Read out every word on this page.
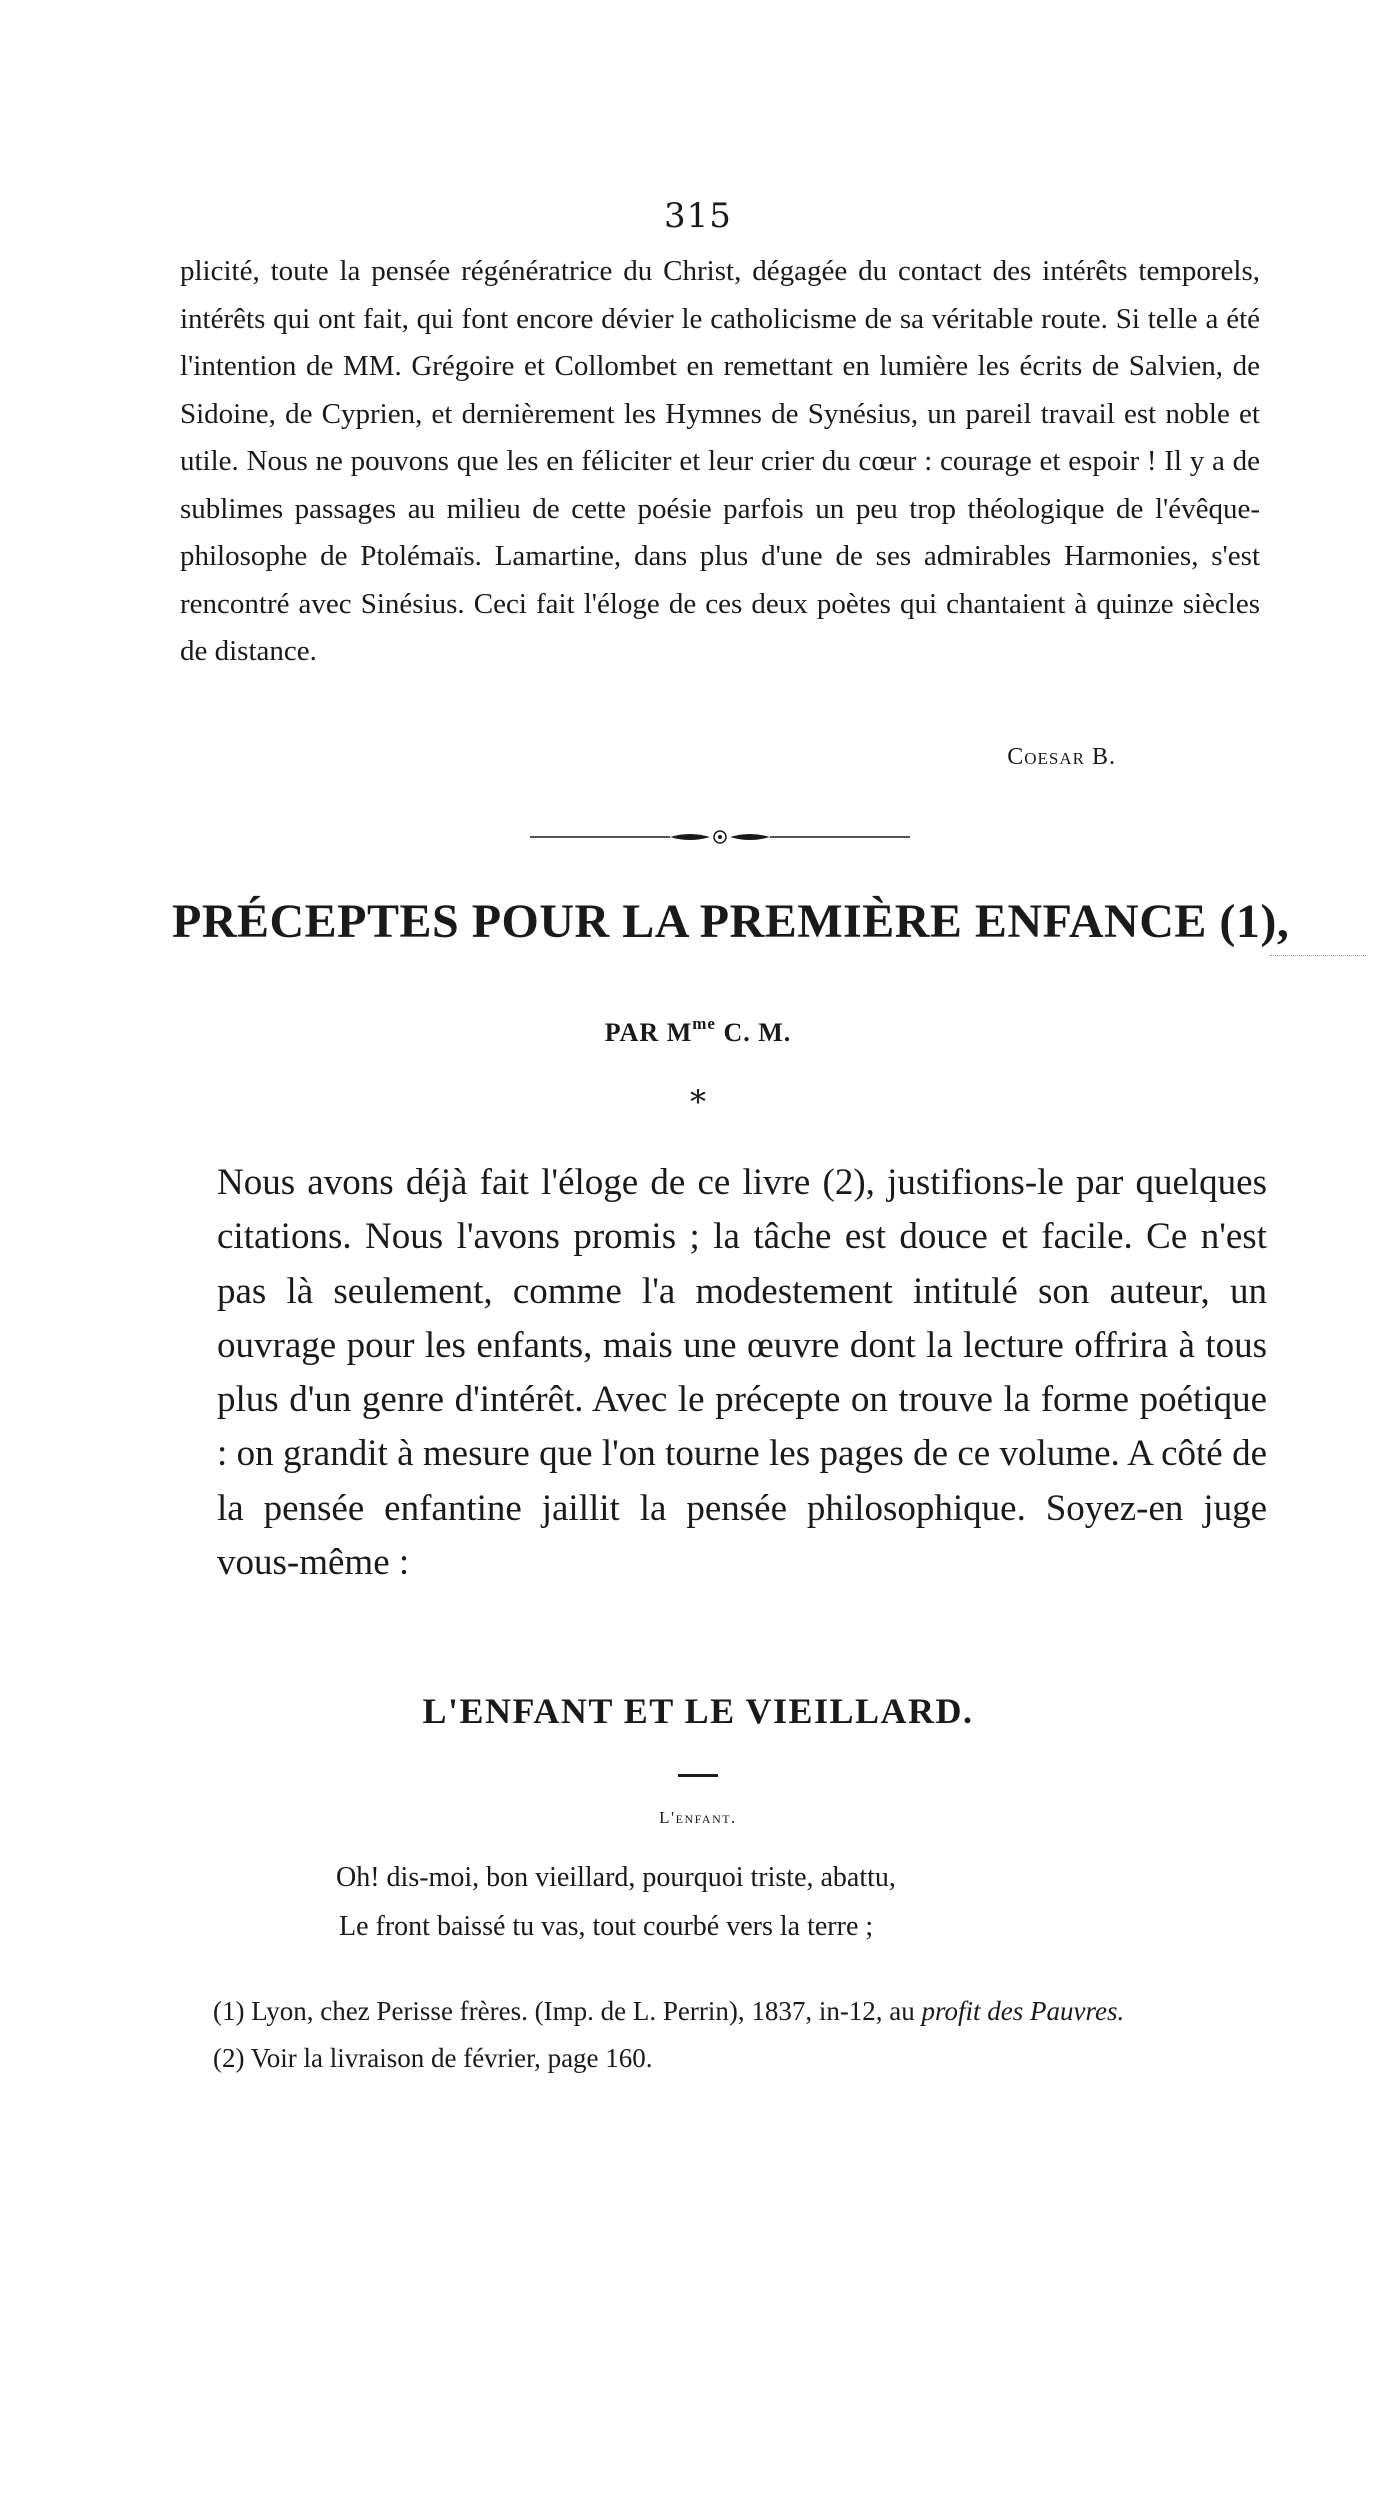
315

plicité, toute la pensée régénératrice du Christ, dégagée du contact des intérêts temporels, intérêts qui ont fait, qui font encore dévier le catholicisme de sa véritable route. Si telle a été l'intention de MM. Grégoire et Collombet en remettant en lumière les écrits de Salvien, de Sidoine, de Cyprien, et dernièrement les Hymnes de Synésius, un pareil travail est noble et utile. Nous ne pouvons que les en féliciter et leur crier du cœur : courage et espoir ! Il y a de sublimes passages au milieu de cette poésie parfois un peu trop théologique de l'évêque-philosophe de Ptolémaïs. Lamartine, dans plus d'une de ses admirables Harmonies, s'est rencontré avec Sinésius. Ceci fait l'éloge de ces deux poètes qui chantaient à quinze siècles de distance.

Coesar B.
PRÉCEPTES POUR LA PREMIÈRE ENFANCE (1),
PAR $M^{me}$ C. M.
*

Nous avons déjà fait l'éloge de ce livre (2), justifions-le par quelques citations. Nous l'avons promis ; la tâche est douce et facile. Ce n'est pas là seulement, comme l'a modestement intitulé son auteur, un ouvrage pour les enfants, mais une œuvre dont la lecture offrira à tous plus d'un genre d'intérêt. Avec le précepte on trouve la forme poétique : on grandit à mesure que l'on tourne les pages de ce volume. A côté de la pensée enfantine jaillit la pensée philosophique. Soyez-en juge vous-même :

L'ENFANT ET LE VIEILLARD.
L'enfant.
Oh! dis-moi, bon vieillard, pourquoi triste, abattu,
Le front baissé tu vas, tout courbé vers la terre ;

(1) Lyon, chez Perisse frères. (Imp. de L. Perrin), 1837, in-12, au profit des Pauvres.

(2) Voir la livraison de février, page 160.
